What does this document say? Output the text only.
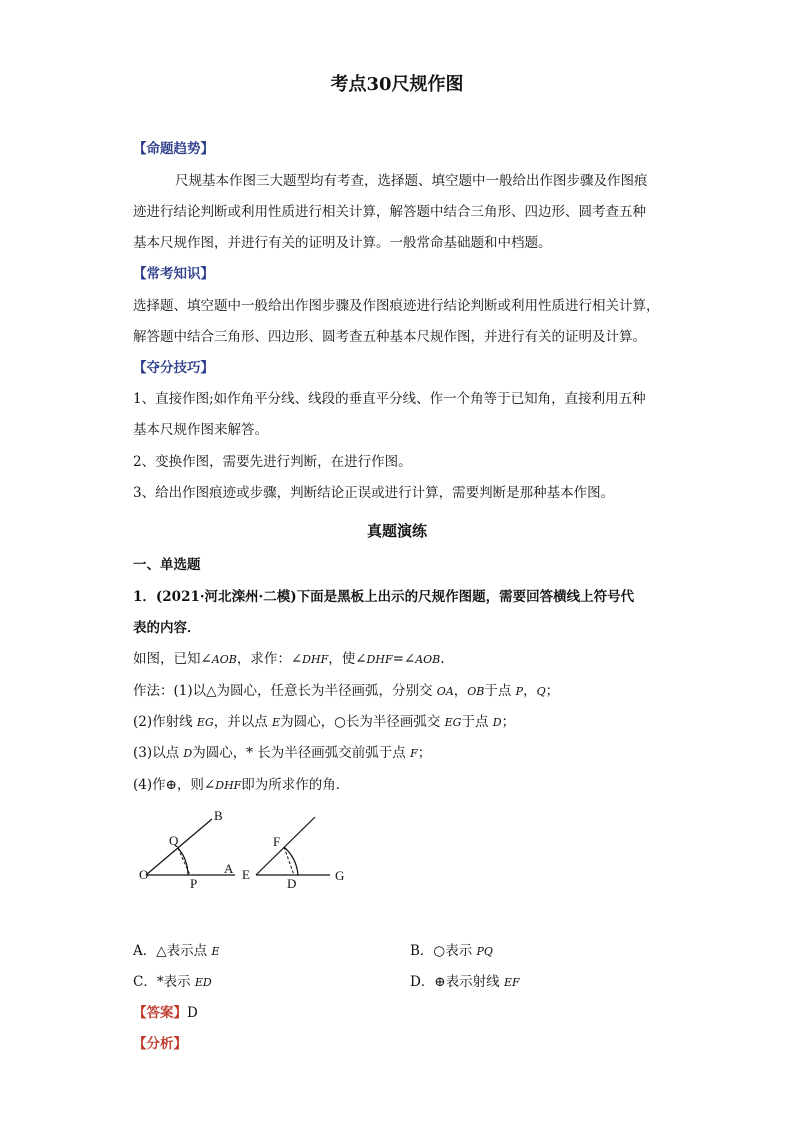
考点30尺规作图
【命题趋势】
尺规基本作图三大题型均有考查，选择题、填空题中一般给出作图步骤及作图痕
迹进行结论判断或利用性质进行相关计算，解答题中结合三角形、四边形、圆考查五种
基本尺规作图，并进行有关的证明及计算。一般常命基础题和中档题。
【常考知识】
选择题、填空题中一般给出作图步骤及作图痕迹进行结论判断或利用性质进行相关计算，
解答题中结合三角形、四边形、圆考查五种基本尺规作图，并进行有关的证明及计算。
【夺分技巧】
1、直接作图;如作角平分线、线段的垂直平分线、作一个角等于已知角，直接利用五种
基本尺规作图来解答。
2、变换作图，需要先进行判断，在进行作图。
3、给出作图痕迹或步骤，判断结论正误或进行计算，需要判断是那种基本作图。
真题演练
一、单选题
1．(2021·河北滦州·二模)下面是黑板上出示的尺规作图题，需要回答横线上符号代
表的内容．
如图，已知∠AOB，求作：∠DHF，使∠DHF=∠AOB.
作法：(1)以△为圆心，任意长为半径画弧，分别交 OA，OB于点 P，Q；
(2)作射线 EG，并以点 E为圆心，○长为半径画弧交 EG于点 D；
(3)以点 D为圆心，* 长为半径画弧交前弧于点 F；
(4)作⊕，则∠DHF即为所求作的角．
O	A
B
Q
P
E
F
D
G
A．△表示点 E	B．○表示 PQ
C．*表示 ED	D．⊕表示射线 EF
【答案】D
【分析】
